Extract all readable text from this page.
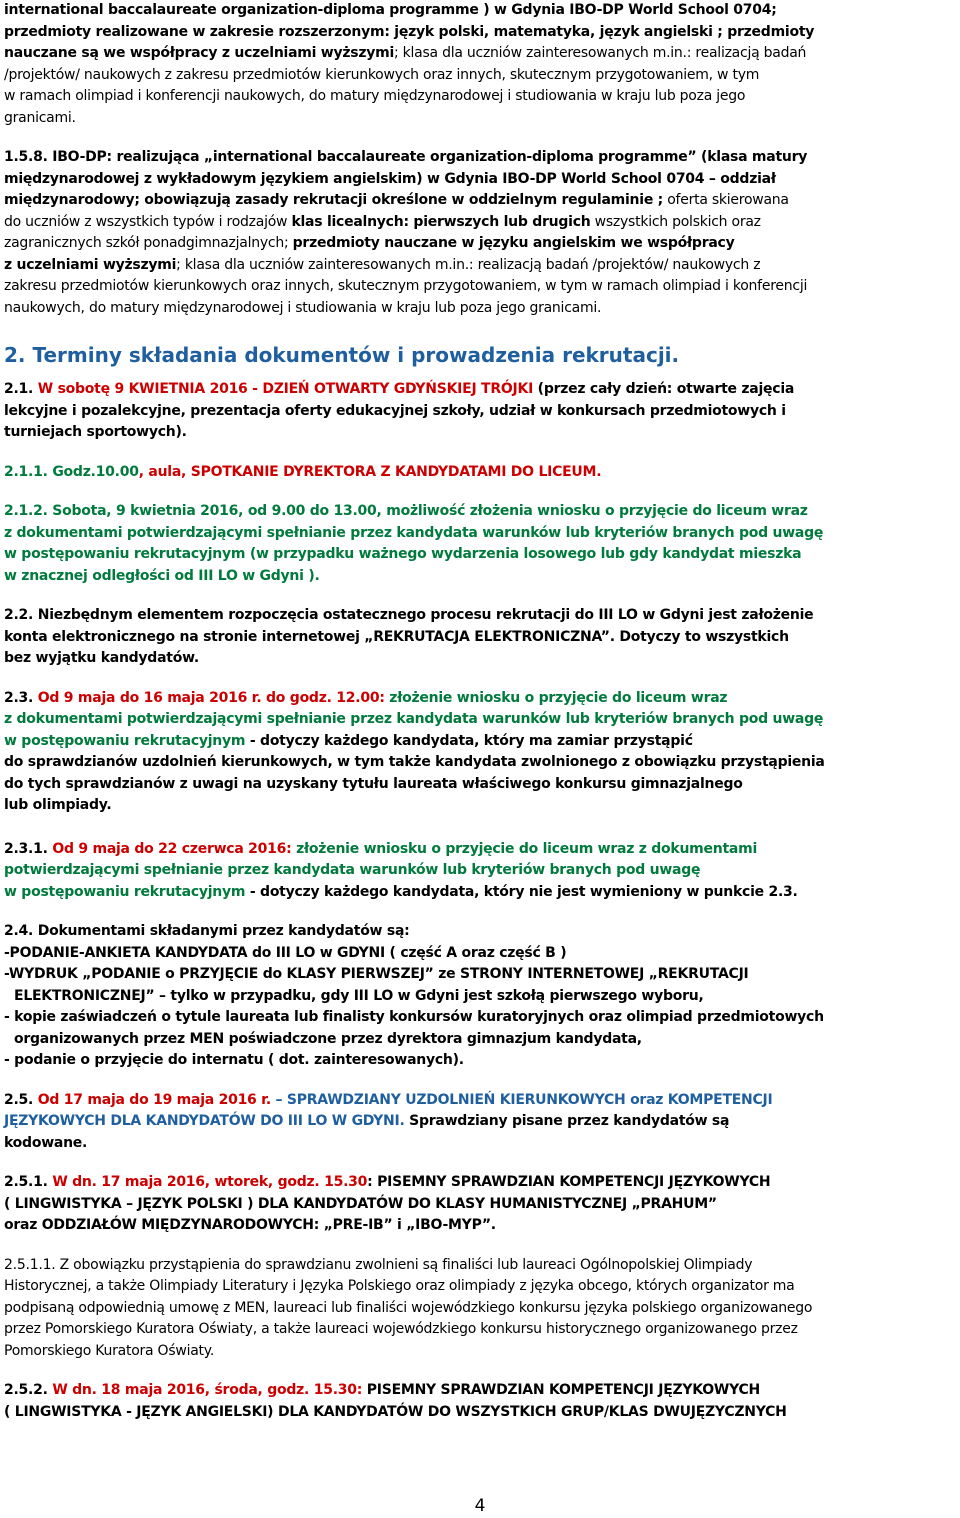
international baccalaureate organization-diploma programme ) w Gdynia IBO-DP World School 0704;

przedmioty realizowane w zakresie rozszerzonym: język polski, matematyka, język angielski ; przedmioty

nauczane są we współpracy z uczelniami wyższymi; klasa dla uczniów zainteresowanych m.in.: realizacją badań

/projektów/ naukowych z zakresu przedmiotów kierunkowych oraz innych, skutecznym przygotowaniem, w tym

w ramach olimpiad i konferencji naukowych, do matury międzynarodowej i studiowania w kraju lub poza jego

granicami.

1.5.8. IBO-DP: realizująca „international baccalaureate organization-diploma programme” (klasa matury

międzynarodowej z wykładowym językiem angielskim) w Gdynia IBO-DP World School 0704 – oddział

międzynarodowy; obowiązują zasady rekrutacji określone w oddzielnym regulaminie ; oferta skierowana

do uczniów z wszystkich typów i rodzajów klas licealnych: pierwszych lub drugich wszystkich polskich oraz

zagranicznych szkół ponadgimnazjalnych; przedmioty nauczane w języku angielskim we współpracy

z uczelniami wyższymi; klasa dla uczniów zainteresowanych m.in.: realizacją badań /projektów/ naukowych z

zakresu przedmiotów kierunkowych oraz innych, skutecznym przygotowaniem, w tym w ramach olimpiad i konferencji

naukowych, do matury międzynarodowej i studiowania w kraju lub poza jego granicami.

2. Terminy składania dokumentów i prowadzenia rekrutacji.

2.1. W sobotę 9 KWIETNIA 2016 - DZIEŃ OTWARTY GDYŃSKIEJ TRÓJKI (przez cały dzień: otwarte zajęcia

lekcyjne i pozalekcyjne, prezentacja oferty edukacyjnej szkoły, udział w konkursach przedmiotowych i

turniejach sportowych).

2.1.1. Godz.10.00, aula, SPOTKANIE DYREKTORA Z KANDYDATAMI DO LICEUM.

2.1.2. Sobota, 9 kwietnia 2016, od 9.00 do 13.00, możliwość złożenia wniosku o przyjęcie do liceum wraz

z dokumentami potwierdzającymi spełnianie przez kandydata warunków lub kryteriów branych pod uwagę

w postępowaniu rekrutacyjnym (w przypadku ważnego wydarzenia losowego lub gdy kandydat mieszka

w znacznej odległości od III LO w Gdyni ).

2.2. Niezbędnym elementem rozpoczęcia ostatecznego procesu rekrutacji do III LO w Gdyni jest założenie

konta elektronicznego na stronie internetowej „REKRUTACJA ELEKTRONICZNA”. Dotyczy to wszystkich

bez wyjątku kandydatów.

2.3. Od 9 maja do 16 maja 2016 r. do godz. 12.00: złożenie wniosku o przyjęcie do liceum wraz

z dokumentami potwierdzającymi spełnianie przez kandydata warunków lub kryteriów branych pod uwagę

w postępowaniu rekrutacyjnym - dotyczy każdego kandydata, który ma zamiar przystąpić

do sprawdzianów uzdolnień kierunkowych, w tym także kandydata zwolnionego z obowiązku przystąpienia

do tych sprawdzianów z uwagi na uzyskany tytułu laureata właściwego konkursu gimnazjalnego

lub olimpiady.

2.3.1. Od 9 maja do 22 czerwca 2016: złożenie wniosku o przyjęcie do liceum wraz z dokumentami

potwierdzającymi spełnianie przez kandydata warunków lub kryteriów branych pod uwagę

w postępowaniu rekrutacyjnym - dotyczy każdego kandydata, który nie jest wymieniony w punkcie 2.3.

2.4. Dokumentami składanymi przez kandydatów są:

-PODANIE-ANKIETA KANDYDATA do III LO w GDYNI ( część A oraz część B )

-WYDRUK „PODANIE o PRZYJĘCIE do KLASY PIERWSZEJ” ze STRONY INTERNETOWEJ „REKRUTACJI

ELEKTRONICZNEJ” – tylko w przypadku, gdy III LO w Gdyni jest szkołą pierwszego wyboru,

- kopie zaświadczeń o tytule laureata lub finalisty konkursów kuratoryjnych oraz olimpiad przedmiotowych

organizowanych przez MEN poświadczone przez dyrektora gimnazjum kandydata,

- podanie o przyjęcie do internatu ( dot. zainteresowanych).

2.5. Od 17 maja do 19 maja 2016 r. – SPRAWDZIANY UZDOLNIEŃ KIERUNKOWYCH oraz KOMPETENCJI

JĘZYKOWYCH DLA KANDYDATÓW DO III LO W GDYNI. Sprawdziany pisane przez kandydatów są

kodowane.

2.5.1. W dn. 17 maja 2016, wtorek, godz. 15.30: PISEMNY SPRAWDZIAN KOMPETENCJI JĘZYKOWYCH

( LINGWISTYKA – JĘZYK POLSKI ) DLA KANDYDATÓW DO KLASY HUMANISTYCZNEJ „PRAHUM”

oraz ODDZIAŁÓW MIĘDZYNARODOWYCH: „PRE-IB” i „IBO-MYP”.

2.5.1.1. Z obowiązku przystąpienia do sprawdzianu zwolnieni są finaliści lub laureaci Ogólnopolskiej Olimpiady

Historycznej, a także Olimpiady Literatury i Języka Polskiego oraz olimpiady z języka obcego, których organizator ma

podpisaną odpowiednią umowę z MEN, laureaci lub finaliści wojewódzkiego konkursu języka polskiego organizowanego

przez Pomorskiego Kuratora Oświaty, a także laureaci wojewódzkiego konkursu historycznego organizowanego przez

Pomorskiego Kuratora Oświaty.

2.5.2. W dn. 18 maja 2016, środa, godz. 15.30: PISEMNY SPRAWDZIAN KOMPETENCJI JĘZYKOWYCH

( LINGWISTYKA - JĘZYK ANGIELSKI) DLA KANDYDATÓW DO WSZYSTKICH GRUP/KLAS DWUJĘZYCZNYCH

4
